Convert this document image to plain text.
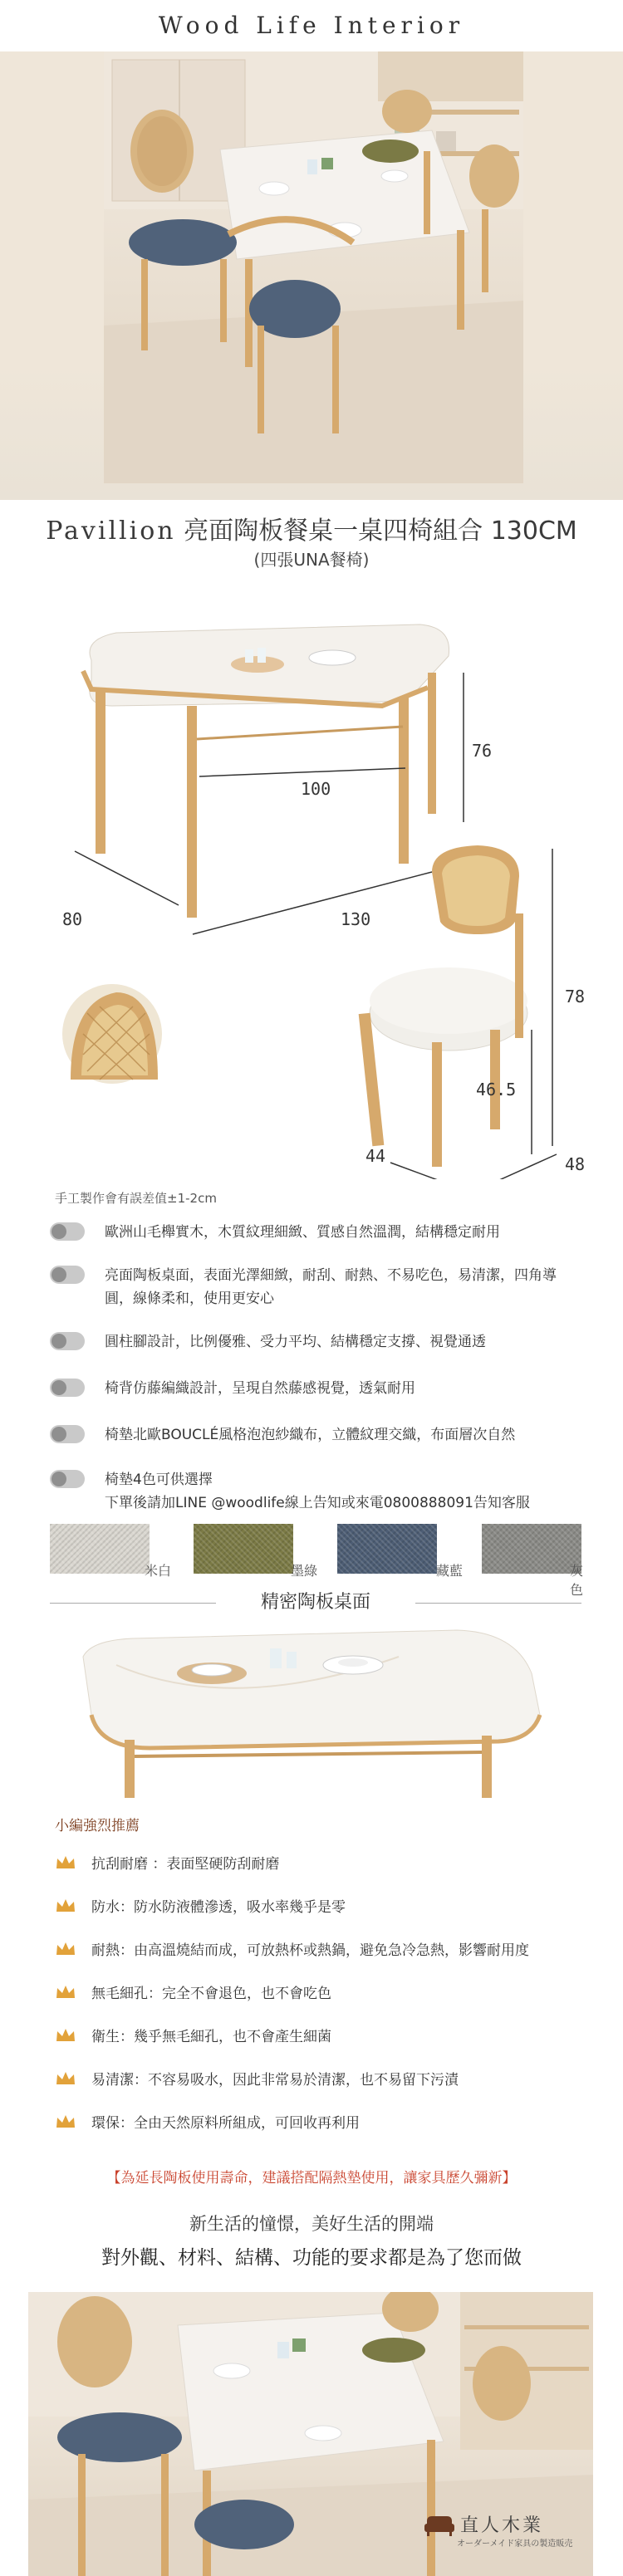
Wood Life Interior
Pavillion 亮面陶板餐桌一桌四椅組合 130CM
(四張UNA餐椅)
76
100
80	130
78
46.5
44	48
手工製作會有誤差值±1-2cm
歐洲山毛櫸實木，木質紋理細緻、質感自然溫潤，結構穩定耐用
亮面陶板桌面，表面光澤細緻，耐刮、耐熱、不易吃色，易清潔，四角導圓，線條柔和，使用更安心
圓柱腳設計，比例優雅、受力平均、結構穩定支撐、視覺通透
椅背仿藤編織設計，呈現自然藤感視覺，透氣耐用
椅墊北歐BOUCLÉ風格泡泡紗織布，立體紋理交織，布面層次自然
椅墊4色可供選擇
下單後請加LINE @woodlife線上告知或來電0800888091告知客服
米白	墨綠	藏藍	灰色
精密陶板桌面
小編強烈推薦
抗刮耐磨 ：表面堅硬防刮耐磨
防水：防水防液體滲透，吸水率幾乎是零
耐熱：由高溫燒結而成，可放熱杯或熱鍋，避免急冷急熱，影響耐用度
無毛細孔：完全不會退色，也不會吃色
衛生：幾乎無毛細孔，也不會產生細菌
易清潔：不容易吸水，因此非常易於清潔，也不易留下污漬
環保：全由天然原料所組成，可回收再利用
【為延長陶板使用壽命，建議搭配隔熱墊使用，讓家具歷久彌新】
新生活的憧憬，美好生活的開端
對外觀、材料、結構、功能的要求都是為了您而做
直人木業
オーダーメイド家具の製造販売
